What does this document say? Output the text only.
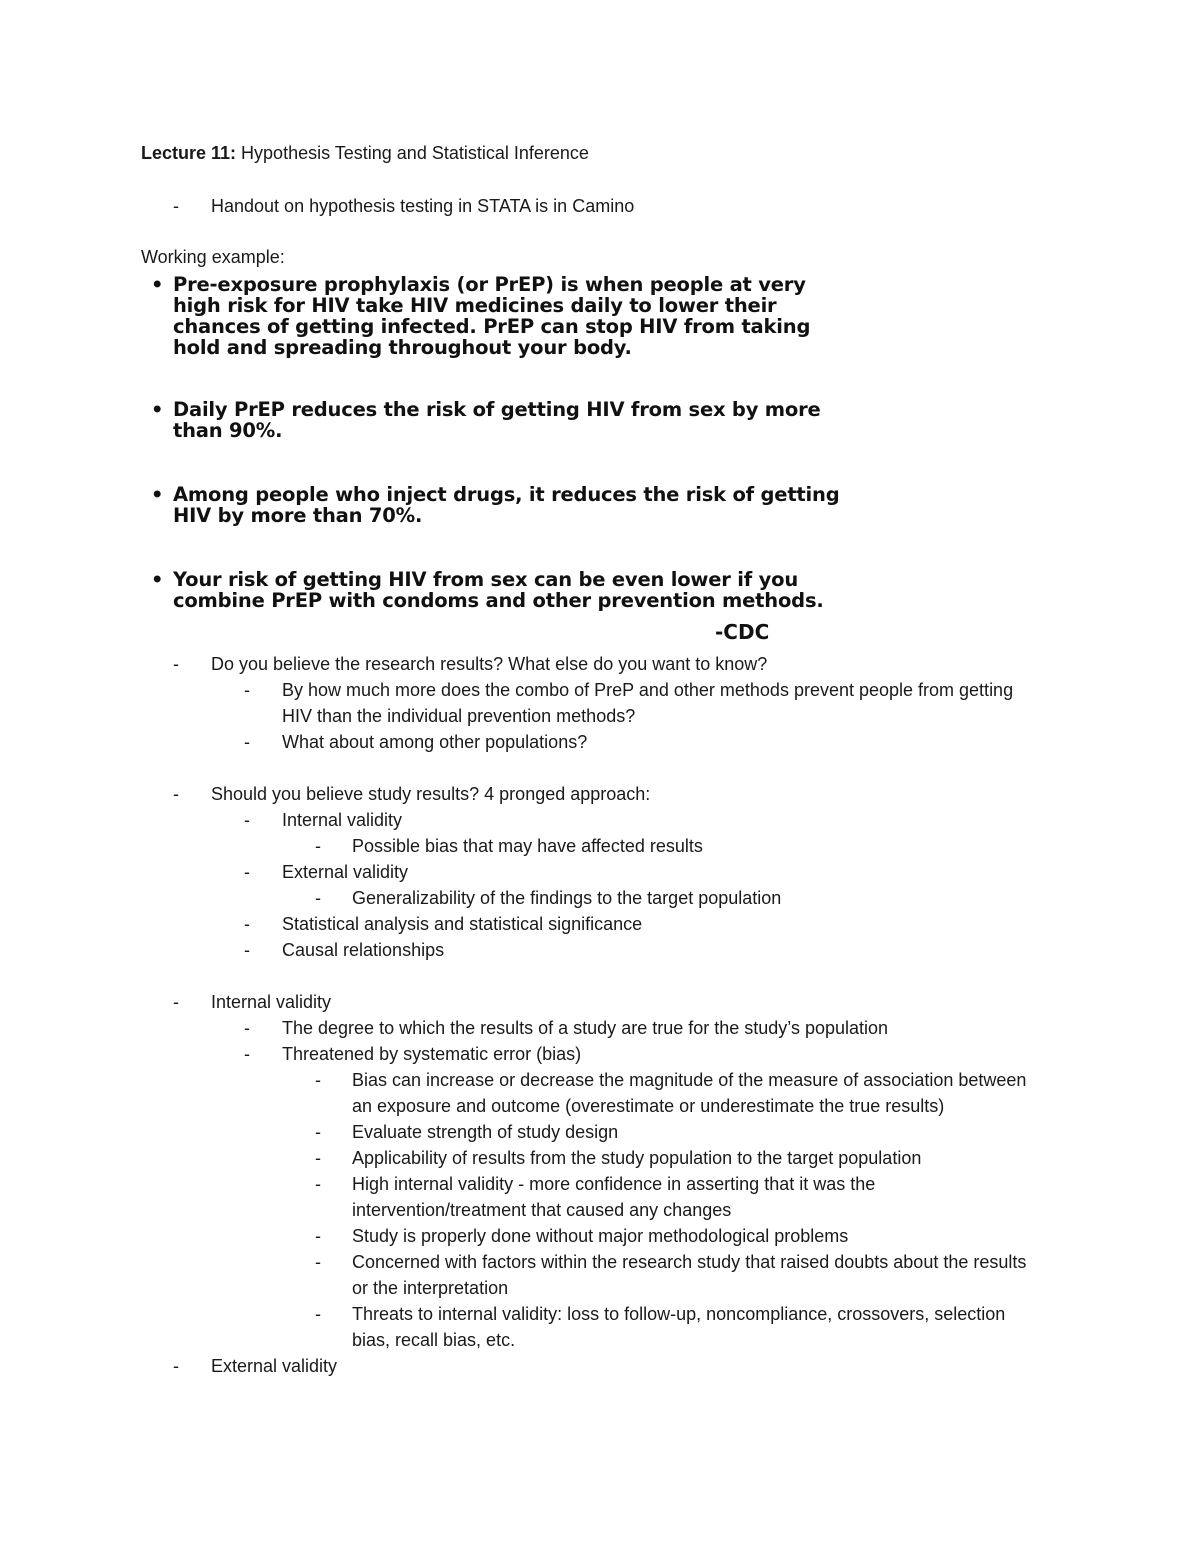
Lecture 11: Hypothesis Testing and Statistical Inference
-	Handout on hypothesis testing in STATA is in Camino
Working example:
• Pre-exposure prophylaxis (or PrEP) is when people at very high risk for HIV take HIV medicines daily to lower their chances of getting infected. PrEP can stop HIV from taking hold and spreading throughout your body.
• Daily PrEP reduces the risk of getting HIV from sex by more than 90%.
• Among people who inject drugs, it reduces the risk of getting HIV by more than 70%.
• Your risk of getting HIV from sex can be even lower if you combine PrEP with condoms and other prevention methods.
-CDC
-	Do you believe the research results? What else do you want to know?
-	By how much more does the combo of PreP and other methods prevent people from getting HIV than the individual prevention methods?
-	What about among other populations?
-	Should you believe study results? 4 pronged approach:
-	Internal validity
-	Possible bias that may have affected results
-	External validity
-	Generalizability of the findings to the target population
-	Statistical analysis and statistical significance
-	Causal relationships
-	Internal validity
-	The degree to which the results of a study are true for the study’s population
-	Threatened by systematic error (bias)
-	Bias can increase or decrease the magnitude of the measure of association between an exposure and outcome (overestimate or underestimate the true results)
-	Evaluate strength of study design
-	Applicability of results from the study population to the target population
-	High internal validity - more confidence in asserting that it was the intervention/treatment that caused any changes
-	Study is properly done without major methodological problems
-	Concerned with factors within the research study that raised doubts about the results or the interpretation
-	Threats to internal validity: loss to follow-up, noncompliance, crossovers, selection bias, recall bias, etc.
-	External validity
